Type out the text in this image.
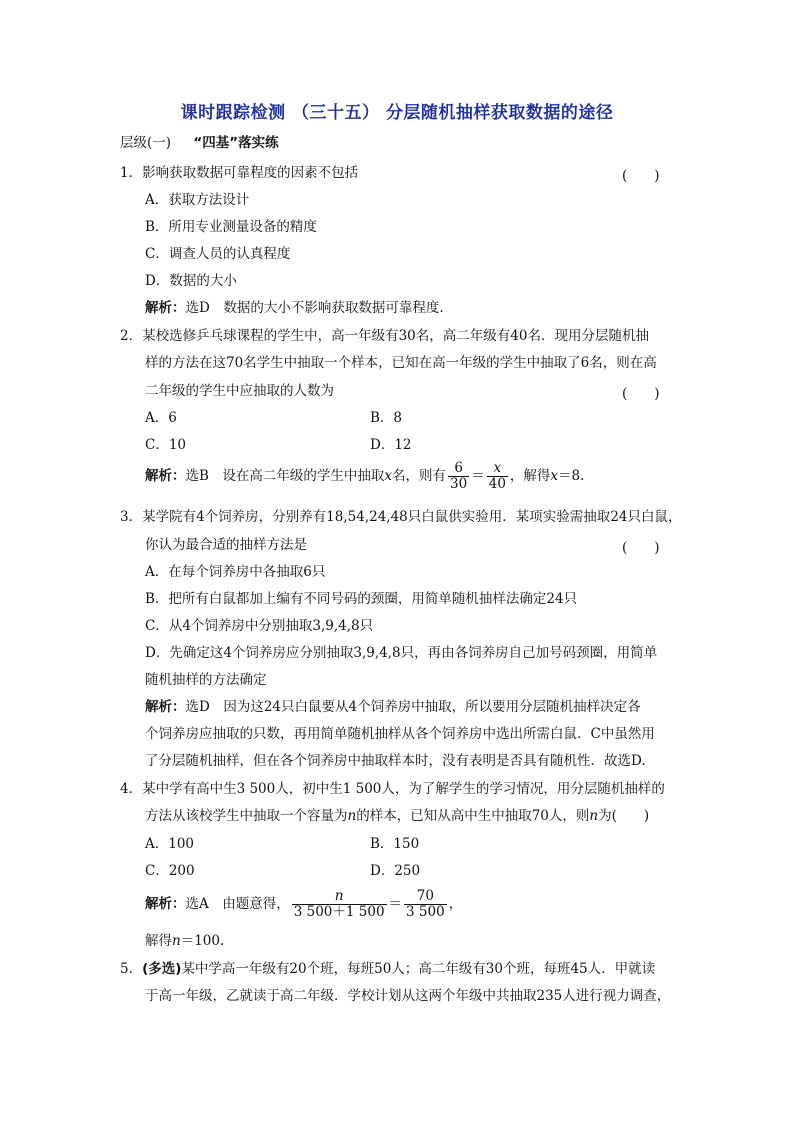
课时跟踪检测 （三十五） 分层随机抽样获取数据的途径
层级(一) “四基”落实练
1．影响获取数据可靠程度的因素不包括	(　　)
A．获取方法设计
B．所用专业测量设备的精度
C．调查人员的认真程度
D．数据的大小
解析：选D　数据的大小不影响获取数据可靠程度.
2．某校选修乒乓球课程的学生中，高一年级有30名，高二年级有40名．现用分层随机抽
样的方法在这70名学生中抽取一个样本，已知在高一年级的学生中抽取了6名，则在高
二年级的学生中应抽取的人数为	(　　)
A．6	B．8
C．10	D．12
解析：选B　设在高二年级的学生中抽取x名，则有 $\frac{6}{30} = \frac{x}{40}$ ，解得x＝8.
3．某学院有4个饲养房，分别养有18,54,24,48只白鼠供实验用．某项实验需抽取24只白鼠，
你认为最合适的抽样方法是	(　　)
A．在每个饲养房中各抽取6只
B．把所有白鼠都加上编有不同号码的颈圈，用简单随机抽样法确定24只
C．从4个饲养房中分别抽取3,9,4,8只
D．先确定这4个饲养房应分别抽取3,9,4,8只，再由各饲养房自己加号码颈圈，用简单
随机抽样的方法确定
解析：选D　因为这24只白鼠要从4个饲养房中抽取，所以要用分层随机抽样决定各
个饲养房应抽取的只数，再用简单随机抽样从各个饲养房中选出所需白鼠．C中虽然用
了分层随机抽样，但在各个饲养房中抽取样本时，没有表明是否具有随机性．故选D.
4．某中学有高中生3 500人，初中生1 500人，为了解学生的学习情况，用分层随机抽样的
方法从该校学生中抽取一个容量为n的样本，已知从高中生中抽取70人，则n为(　　)
A．100	B．150
C．200	D．250
解析：选A　由题意得， $\frac{n}{3 500+1 500} = \frac{70}{3 500}$ ，
解得n＝100.
5．(多选)某中学高一年级有20个班，每班50人；高二年级有30个班，每班45人．甲就读
于高一年级，乙就读于高二年级．学校计划从这两个年级中共抽取235人进行视力调查，
